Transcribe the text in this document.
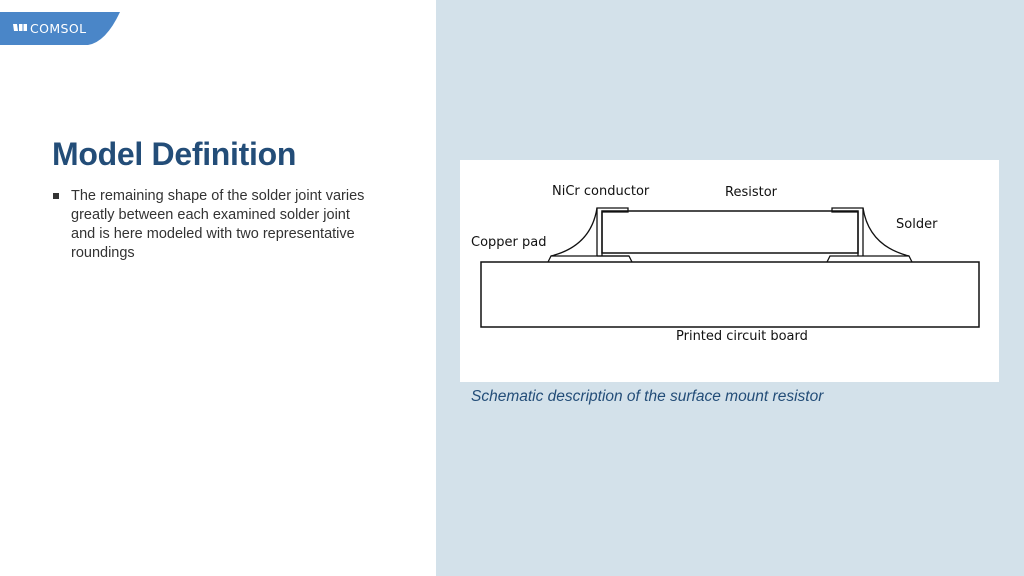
COMSOL
Model Definition
The remaining shape of the solder joint varies greatly between each examined solder joint and is here modeled with two representative roundings
NiCr conductor	Resistor
Solder
Copper pad
Printed circuit board
Schematic description of the surface mount resistor
